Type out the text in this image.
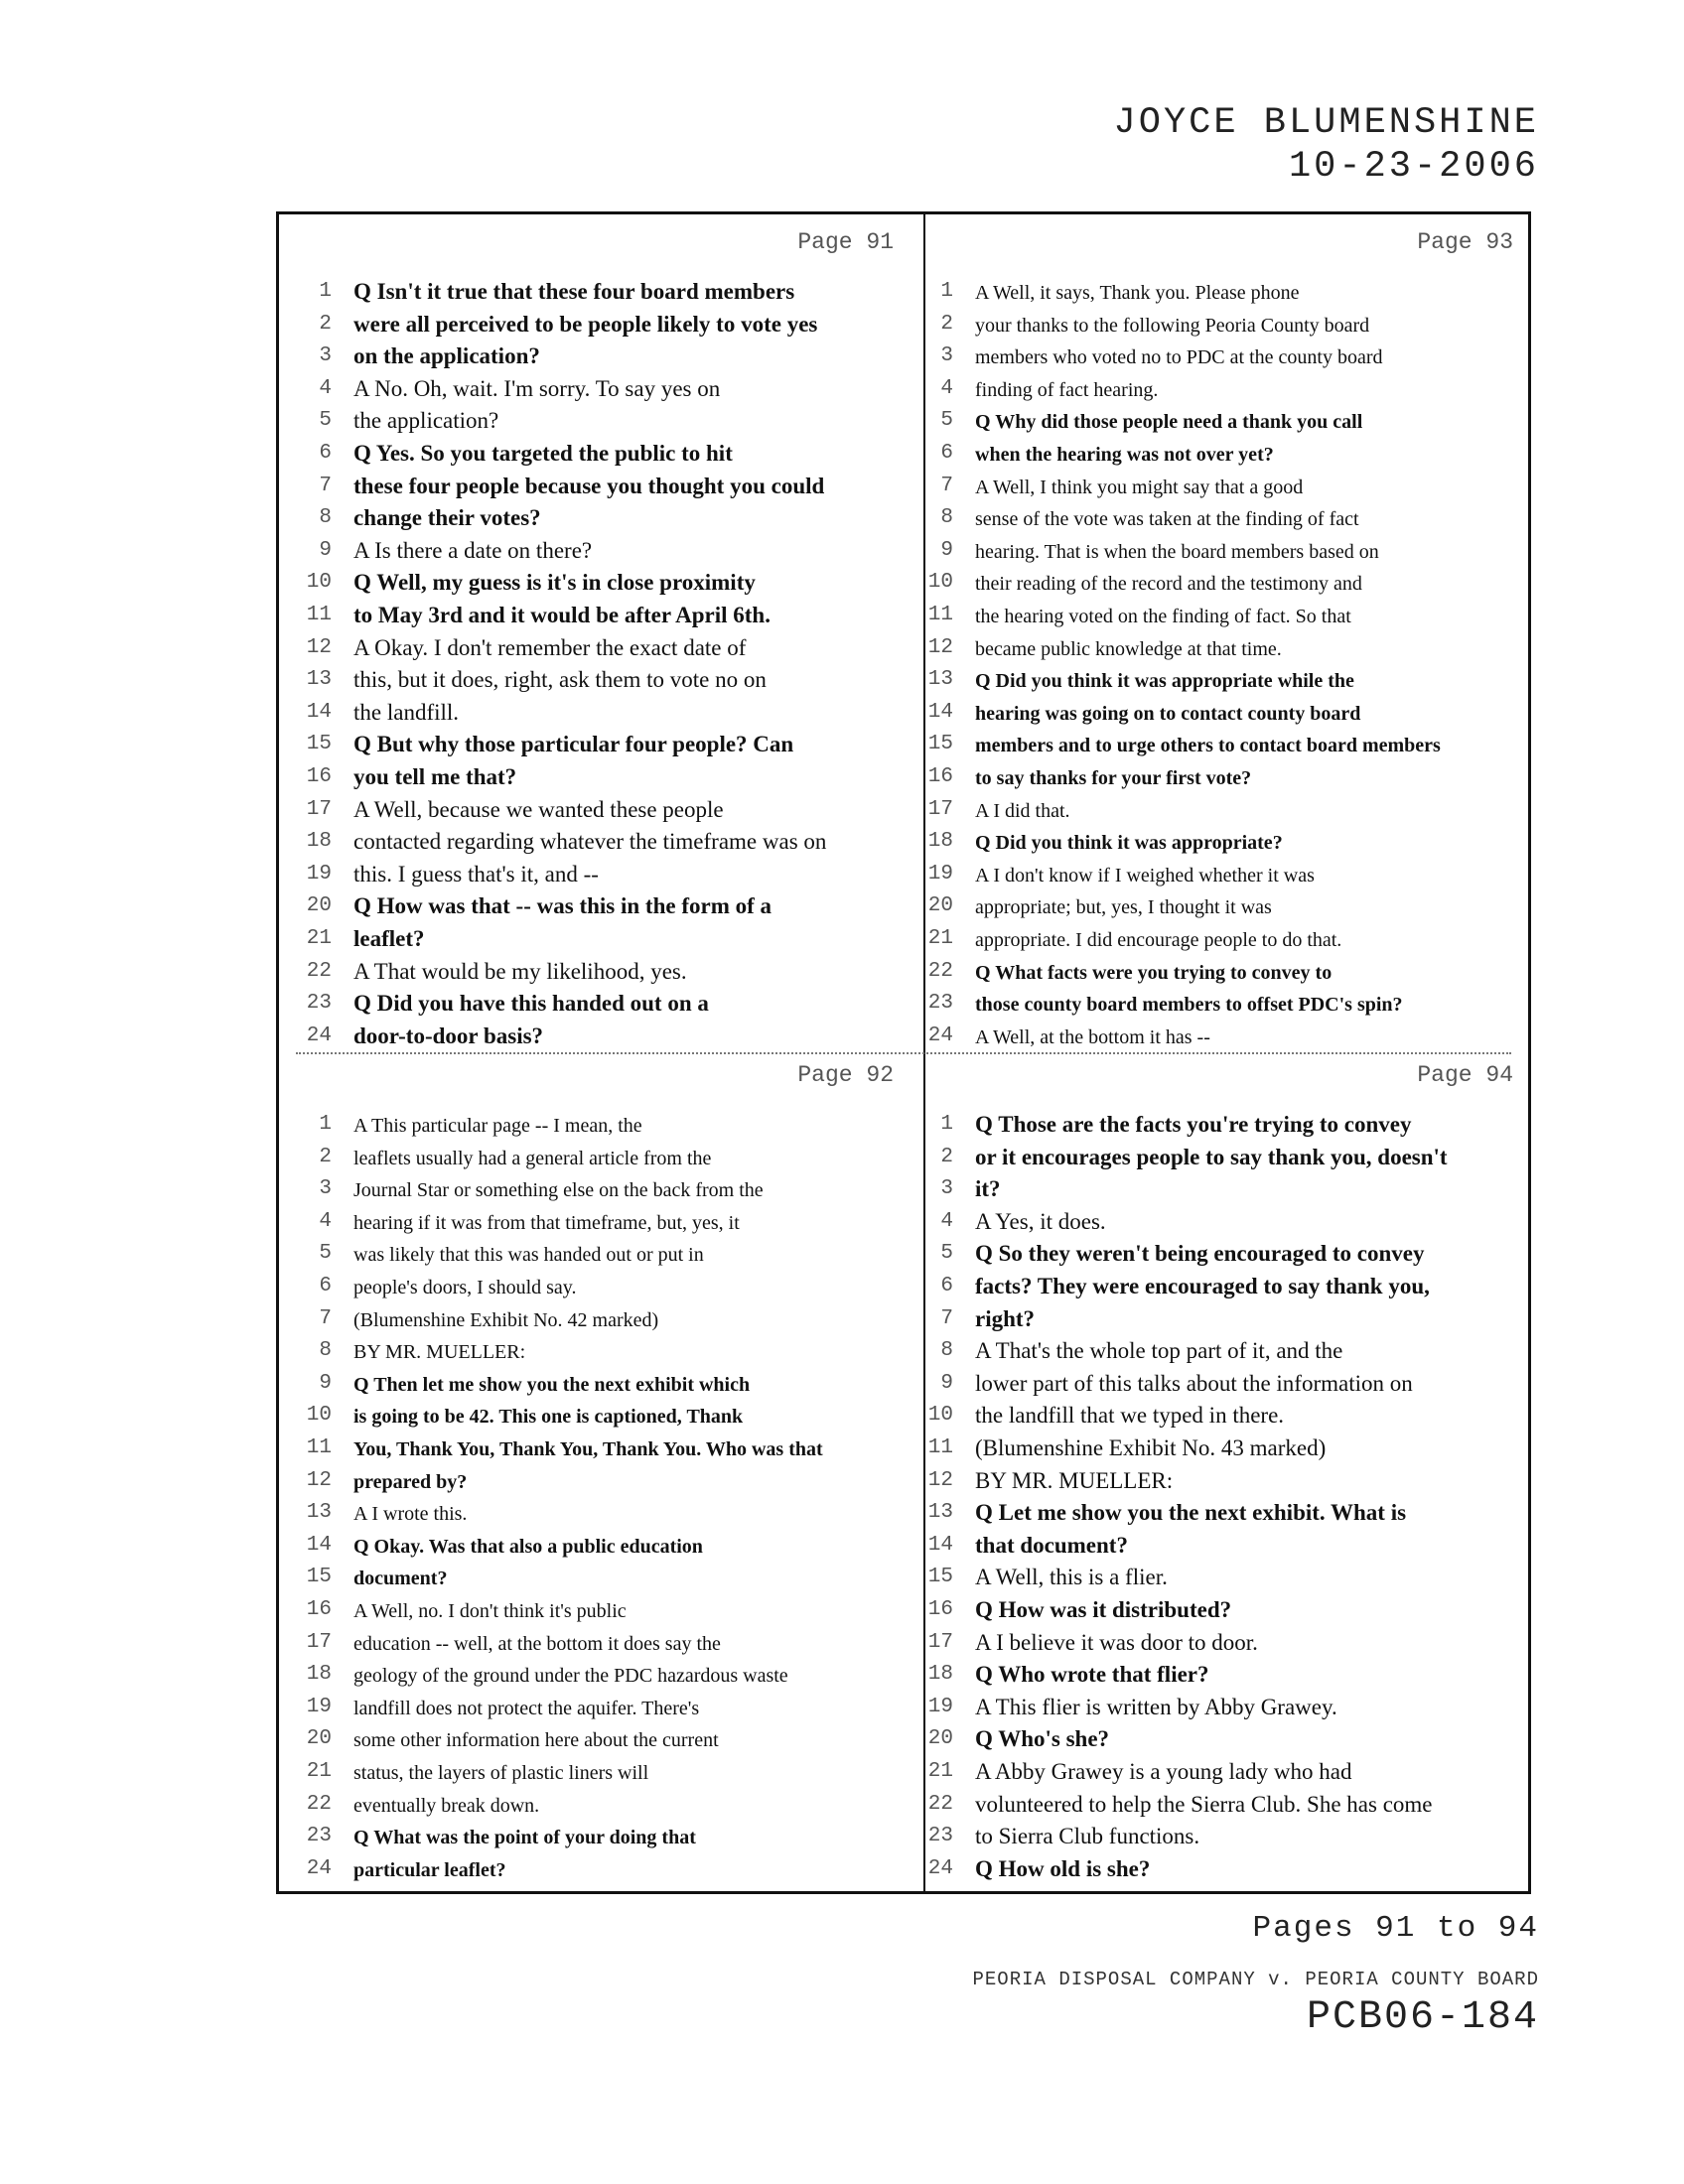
JOYCE BLUMENSHINE
10-23-2006
Page 91
1 Q Isn't it true that these four board members
2 were all perceived to be people likely to vote yes
3 on the application?
4 A No. Oh, wait. I'm sorry. To say yes on
5 the application?
6 Q Yes. So you targeted the public to hit
7 these four people because you thought you could
8 change their votes?
9 A Is there a date on there?
10 Q Well, my guess is it's in close proximity
11 to May 3rd and it would be after April 6th.
12 A Okay. I don't remember the exact date of
13 this, but it does, right, ask them to vote no on
14 the landfill.
15 Q But why those particular four people? Can
16 you tell me that?
17 A Well, because we wanted these people
18 contacted regarding whatever the timeframe was on
19 this. I guess that's it, and --
20 Q How was that -- was this in the form of a
21 leaflet?
22 A That would be my likelihood, yes.
23 Q Did you have this handed out on a
24 door-to-door basis?
Page 93
1 A Well, it says, Thank you. Please phone
2 your thanks to the following Peoria County board
3 members who voted no to PDC at the county board
4 finding of fact hearing.
5 Q Why did those people need a thank you call
6 when the hearing was not over yet?
7 A Well, I think you might say that a good
8 sense of the vote was taken at the finding of fact
9 hearing. That is when the board members based on
10 their reading of the record and the testimony and
11 the hearing voted on the finding of fact. So that
12 became public knowledge at that time.
13 Q Did you think it was appropriate while the
14 hearing was going on to contact county board
15 members and to urge others to contact board members
16 to say thanks for your first vote?
17 A I did that.
18 Q Did you think it was appropriate?
19 A I don't know if I weighed whether it was
20 appropriate; but, yes, I thought it was
21 appropriate. I did encourage people to do that.
22 Q What facts were you trying to convey to
23 those county board members to offset PDC's spin?
24 A Well, at the bottom it has --
Page 92
1 A This particular page -- I mean, the
2 leaflets usually had a general article from the
3 Journal Star or something else on the back from the
4 hearing if it was from that timeframe, but, yes, it
5 was likely that this was handed out or put in
6 people's doors, I should say.
7 (Blumenshine Exhibit No. 42 marked)
8 BY MR. MUELLER:
9 Q Then let me show you the next exhibit which
10 is going to be 42. This one is captioned, Thank
11 You, Thank You, Thank You, Thank You. Who was that
12 prepared by?
13 A I wrote this.
14 Q Okay. Was that also a public education
15 document?
16 A Well, no. I don't think it's public
17 education -- well, at the bottom it does say the
18 geology of the ground under the PDC hazardous waste
19 landfill does not protect the aquifer. There's
20 some other information here about the current
21 status, the layers of plastic liners will
22 eventually break down.
23 Q What was the point of your doing that
24 particular leaflet?
Page 94
1 Q Those are the facts you're trying to convey
2 or it encourages people to say thank you, doesn't
3 it?
4 A Yes, it does.
5 Q So they weren't being encouraged to convey
6 facts? They were encouraged to say thank you,
7 right?
8 A That's the whole top part of it, and the
9 lower part of this talks about the information on
10 the landfill that we typed in there.
11 (Blumenshine Exhibit No. 43 marked)
12 BY MR. MUELLER:
13 Q Let me show you the next exhibit. What is
14 that document?
15 A Well, this is a flier.
16 Q How was it distributed?
17 A I believe it was door to door.
18 Q Who wrote that flier?
19 A This flier is written by Abby Grawey.
20 Q Who's she?
21 A Abby Grawey is a young lady who had
22 volunteered to help the Sierra Club. She has come
23 to Sierra Club functions.
24 Q How old is she?
Pages 91 to 94
PEORIA DISPOSAL COMPANY v. PEORIA COUNTY BOARD
PCB06-184
